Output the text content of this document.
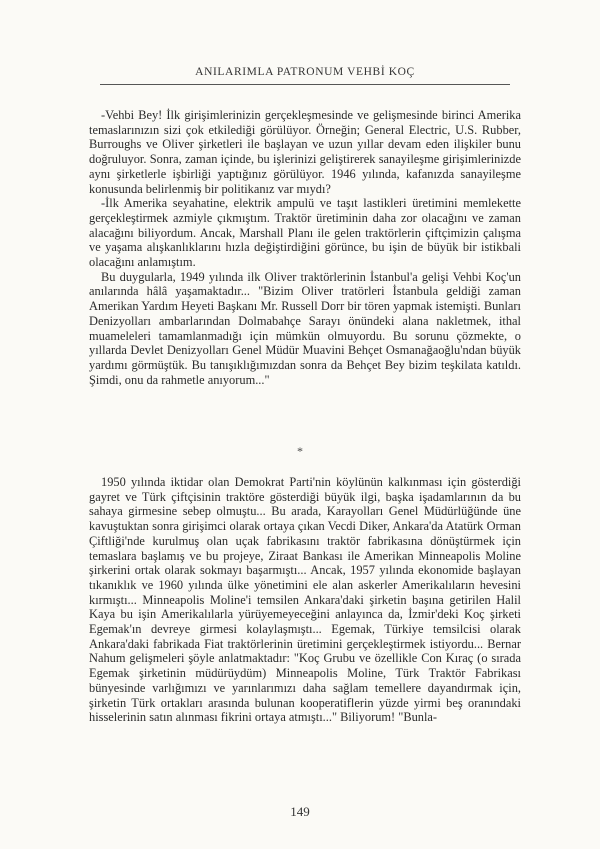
ANILARIMLA PATRONUM VEHBİ KOÇ

-Vehbi Bey! İlk girişimlerinizin gerçekleşmesinde ve gelişmesinde birinci Amerika temaslarınızın sizi çok etkilediği görülüyor. Örneğin; General Electric, U.S. Rubber, Burroughs ve Oliver şirketleri ile başlayan ve uzun yıllar devam eden ilişkiler bunu doğruluyor. Sonra, zaman içinde, bu işlerinizi geliştirerek sanayileşme girişimlerinizde aynı şirketlerle işbirliği yaptığınız görülüyor. 1946 yılında, kafanızda sanayileşme konusunda belirlenmiş bir politikanız var mıydı?

-İlk Amerika seyahatine, elektrik ampulü ve taşıt lastikleri üretimini memlekette gerçekleştirmek azmiyle çıkmıştım. Traktör üretiminin daha zor olacağını ve zaman alacağını biliyordum. Ancak, Marshall Planı ile gelen traktörlerin çiftçimizin çalışma ve yaşama alışkanlıklarını hızla değiştirdiğini görünce, bu işin de büyük bir istikbali olacağını anlamıştım.

Bu duygularla, 1949 yılında ilk Oliver traktörlerinin İstanbul'a gelişi Vehbi Koç'un anılarında hâlâ yaşamaktadır... "Bizim Oliver tratörleri İstanbula geldiği zaman Amerikan Yardım Heyeti Başkanı Mr. Russell Dorr bir tören yapmak istemişti. Bunları Denizyolları ambarlarından Dolmabahçe Sarayı önündeki alana nakletmek, ithal muameleleri tamamlanmadığı için mümkün olmuyordu. Bu sorunu çözmekte, o yıllarda Devlet Denizyolları Genel Müdür Muavini Behçet Osmanağaoğlu'ndan büyük yardımı görmüştük. Bu tanışıklığımızdan sonra da Behçet Bey bizim teşkilata katıldı. Şimdi, onu da rahmetle anıyorum..."

*

1950 yılında iktidar olan Demokrat Parti'nin köylünün kalkınması için gösterdiği gayret ve Türk çiftçisinin traktöre gösterdiği büyük ilgi, başka işadamlarının da bu sahaya girmesine sebep olmuştu... Bu arada, Karayolları Genel Müdürlüğünde üne kavuştuktan sonra girişimci olarak ortaya çıkan Vecdi Diker, Ankara'da Atatürk Orman Çiftliği'nde kurulmuş olan uçak fabrikasını traktör fabrikasına dönüştürmek için temaslara başlamış ve bu projeye, Ziraat Bankası ile Amerikan Minneapolis Moline şirkerini ortak olarak sokmayı başarmıştı... Ancak, 1957 yılında ekonomide başlayan tıkanıklık ve 1960 yılında ülke yönetimini ele alan askerler Amerikalıların hevesini kırmıştı... Minneapolis Moline'i temsilen Ankara'daki şirketin başına getirilen Halil Kaya bu işin Amerikalılarla yürüyemeyeceğini anlayınca da, İzmir'deki Koç şirketi Egemak'ın devreye girmesi kolaylaşmıştı... Egemak, Türkiye temsilcisi olarak Ankara'daki fabrikada Fiat traktörlerinin üretimini gerçekleştirmek istiyordu... Bernar Nahum gelişmeleri şöyle anlatmaktadır: "Koç Grubu ve özellikle Con Kıraç (o sırada Egemak şirketinin müdürüydüm) Minneapolis Moline, Türk Traktör Fabrikası bünyesinde varlığımızı ve yarınlarımızı daha sağlam temellere dayandırmak için, şirketin Türk ortakları arasında bulunan kooperatiflerin yüzde yirmi beş oranındaki hisselerinin satın alınması fikrini ortaya atmıştı..." Biliyorum! "Bunla-

149
